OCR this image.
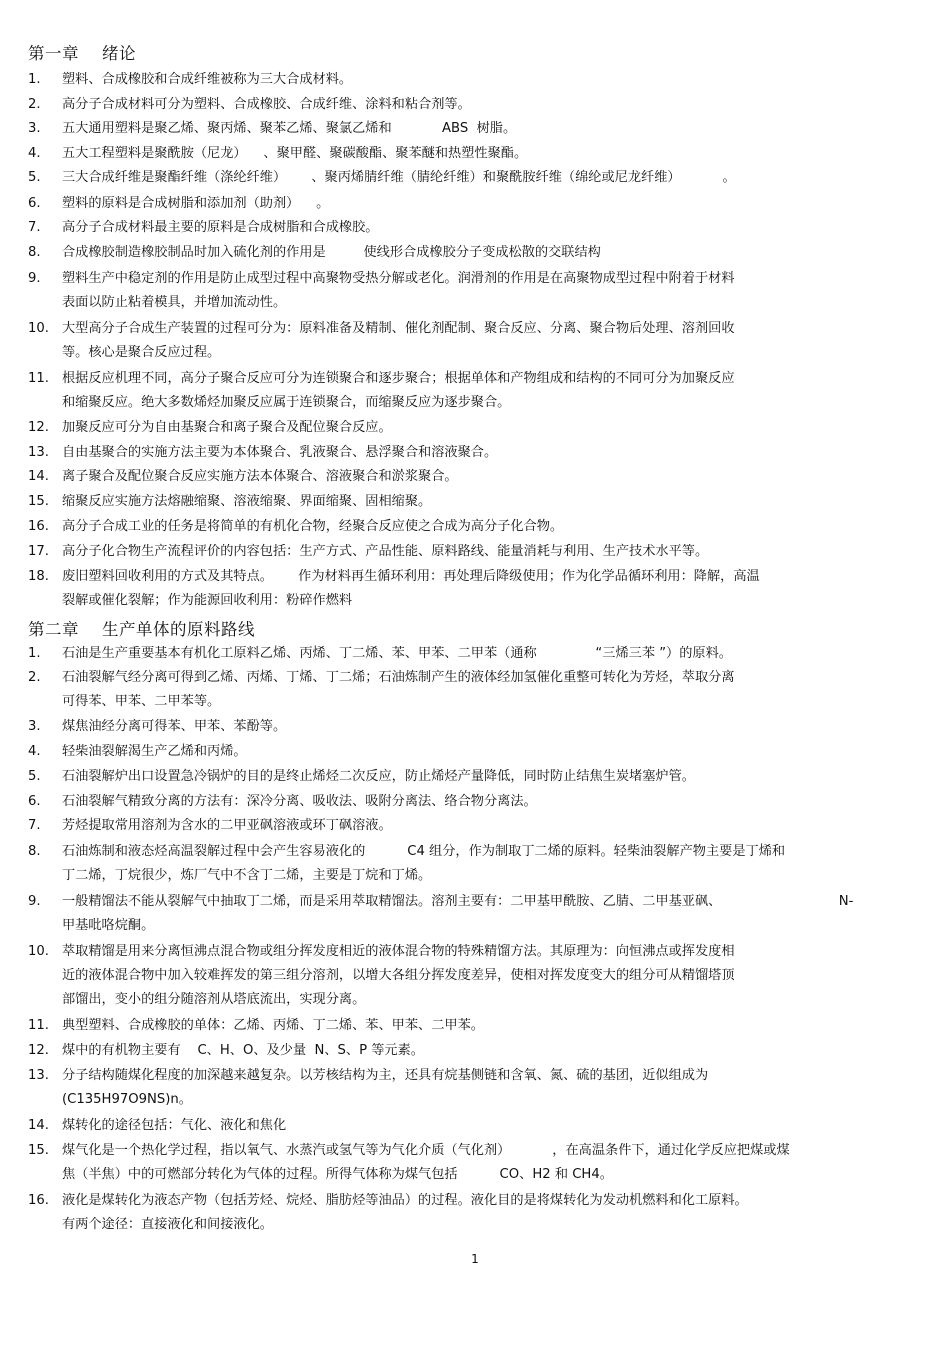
第一章    绪论
1.	塑料、合成橡胶和合成纤维被称为三大合成材料。
2.	高分子合成材料可分为塑料、合成橡胶、合成纤维、涂料和粘合剂等。
3.	五大通用塑料是聚乙烯、聚丙烯、聚苯乙烯、聚氯乙烯和            ABS  树脂。
4.	五大工程塑料是聚酰胺（尼龙）    、聚甲醛、聚碳酸酯、聚苯醚和热塑性聚酯。
5.	三大合成纤维是聚酯纤维（涤纶纤维）      、聚丙烯腈纤维（腈纶纤维）和聚酰胺纤维（绵纶或尼龙纤维）          。
6.	塑料的原料是合成树脂和添加剂（助剂）    。
7.	高分子合成材料最主要的原料是合成树脂和合成橡胶。
8.	合成橡胶制造橡胶制品时加入硫化剂的作用是         使线形合成橡胶分子变成松散的交联结构
9.	塑料生产中稳定剂的作用是防止成型过程中高聚物受热分解或老化。润滑剂的作用是在高聚物成型过程中附着于材料
表面以防止粘着模具，并增加流动性。
10. 大型高分子合成生产装置的过程可分为：原料准备及精制、催化剂配制、聚合反应、分离、聚合物后处理、溶剂回收
等。核心是聚合反应过程。
11. 根据反应机理不同，高分子聚合反应可分为连锁聚合和逐步聚合；根据单体和产物组成和结构的不同可分为加聚反应
和缩聚反应。绝大多数烯烃加聚反应属于连锁聚合，而缩聚反应为逐步聚合。
12. 加聚反应可分为自由基聚合和离子聚合及配位聚合反应。
13. 自由基聚合的实施方法主要为本体聚合、乳液聚合、悬浮聚合和溶液聚合。
14. 离子聚合及配位聚合反应实施方法本体聚合、溶液聚合和淤浆聚合。
15. 缩聚反应实施方法熔融缩聚、溶液缩聚、界面缩聚、固相缩聚。
16. 高分子合成工业的任务是将简单的有机化合物，经聚合反应使之合成为高分子化合物。
17. 高分子化合物生产流程评价的内容包括：生产方式、产品性能、原料路线、能量消耗与利用、生产技术水平等。
18. 废旧塑料回收利用的方式及其特点。      作为材料再生循环利用：再处理后降级使用；作为化学品循环利用：降解，高温
裂解或催化裂解；作为能源回收利用：粉碎作燃料
第二章    生产单体的原料路线
1.	石油是生产重要基本有机化工原料乙烯、丙烯、丁二烯、苯、甲苯、二甲苯（通称              “三烯三苯 ”）的原料。
2.	石油裂解气经分离可得到乙烯、丙烯、丁烯、丁二烯；石油炼制产生的液体经加氢催化重整可转化为芳烃，萃取分离
可得苯、甲苯、二甲苯等。
3.	煤焦油经分离可得苯、甲苯、苯酚等。
4.	轻柴油裂解渴生产乙烯和丙烯。
5.	石油裂解炉出口设置急冷锅炉的目的是终止烯烃二次反应，防止烯烃产量降低，同时防止结焦生炭堵塞炉管。
6.	石油裂解气精致分离的方法有：深冷分离、吸收法、吸附分离法、络合物分离法。
7.	芳烃提取常用溶剂为含水的二甲亚砜溶液或环丁砜溶液。
8.	石油炼制和液态烃高温裂解过程中会产生容易液化的          C4 组分，作为制取丁二烯的原料。轻柴油裂解产物主要是丁烯和
丁二烯，丁烷很少，炼厂气中不含丁二烯，主要是丁烷和丁烯。
9.	一般精馏法不能从裂解气中抽取丁二烯，而是采用萃取精馏法。溶剂主要有：二甲基甲酰胺、乙腈、二甲基亚砜、                            N-
甲基吡咯烷酮。
10. 萃取精馏是用来分离恒沸点混合物或组分挥发度相近的液体混合物的特殊精馏方法。其原理为：向恒沸点或挥发度相
近的液体混合物中加入较难挥发的第三组分溶剂，以增大各组分挥发度差异，使相对挥发度变大的组分可从精馏塔顶
部馏出，变小的组分随溶剂从塔底流出，实现分离。
11. 典型塑料、合成橡胶的单体：乙烯、丙烯、丁二烯、苯、甲苯、二甲苯。
12. 煤中的有机物主要有    C、H、O、及少量  N、S、P 等元素。
13. 分子结构随煤化程度的加深越来越复杂。以芳核结构为主，还具有烷基侧链和含氧、氮、硫的基团，近似组成为
(C135H97O9NS)n。
14. 煤转化的途径包括：气化、液化和焦化
15. 煤气化是一个热化学过程，指以氧气、水蒸汽或氢气等为气化介质（气化剂）          ，在高温条件下，通过化学反应把煤或煤
焦（半焦）中的可燃部分转化为气体的过程。所得气体称为煤气包括          CO、H2 和 CH4。
16. 液化是煤转化为液态产物（包括芳烃、烷烃、脂肪烃等油品）的过程。液化目的是将煤转化为发动机燃料和化工原料。
有两个途径：直接液化和间接液化。
1
